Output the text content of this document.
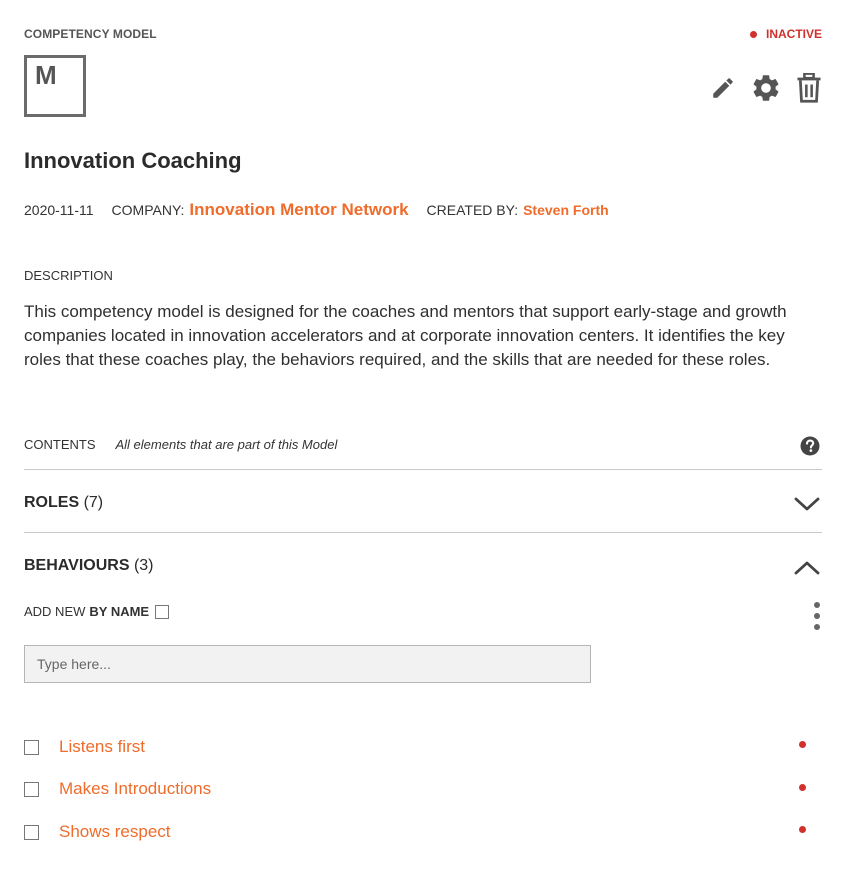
COMPETENCY MODEL	INACTIVE
M
Innovation Coaching
2020-11-11 COMPANY: Innovation Mentor Network CREATED BY: Steven Forth
DESCRIPTION
This competency model is designed for the coaches and mentors that support early-stage and growth companies located in innovation accelerators and at corporate innovation centers. It identifies the key roles that these coaches play, the behaviors required, and the skills that are needed for these roles.
CONTENTS All elements that are part of this Model
ROLES (7)
BEHAVIOURS (3)
ADD NEW BY NAME
Type here...
Listens first
Makes Introductions
Shows respect
